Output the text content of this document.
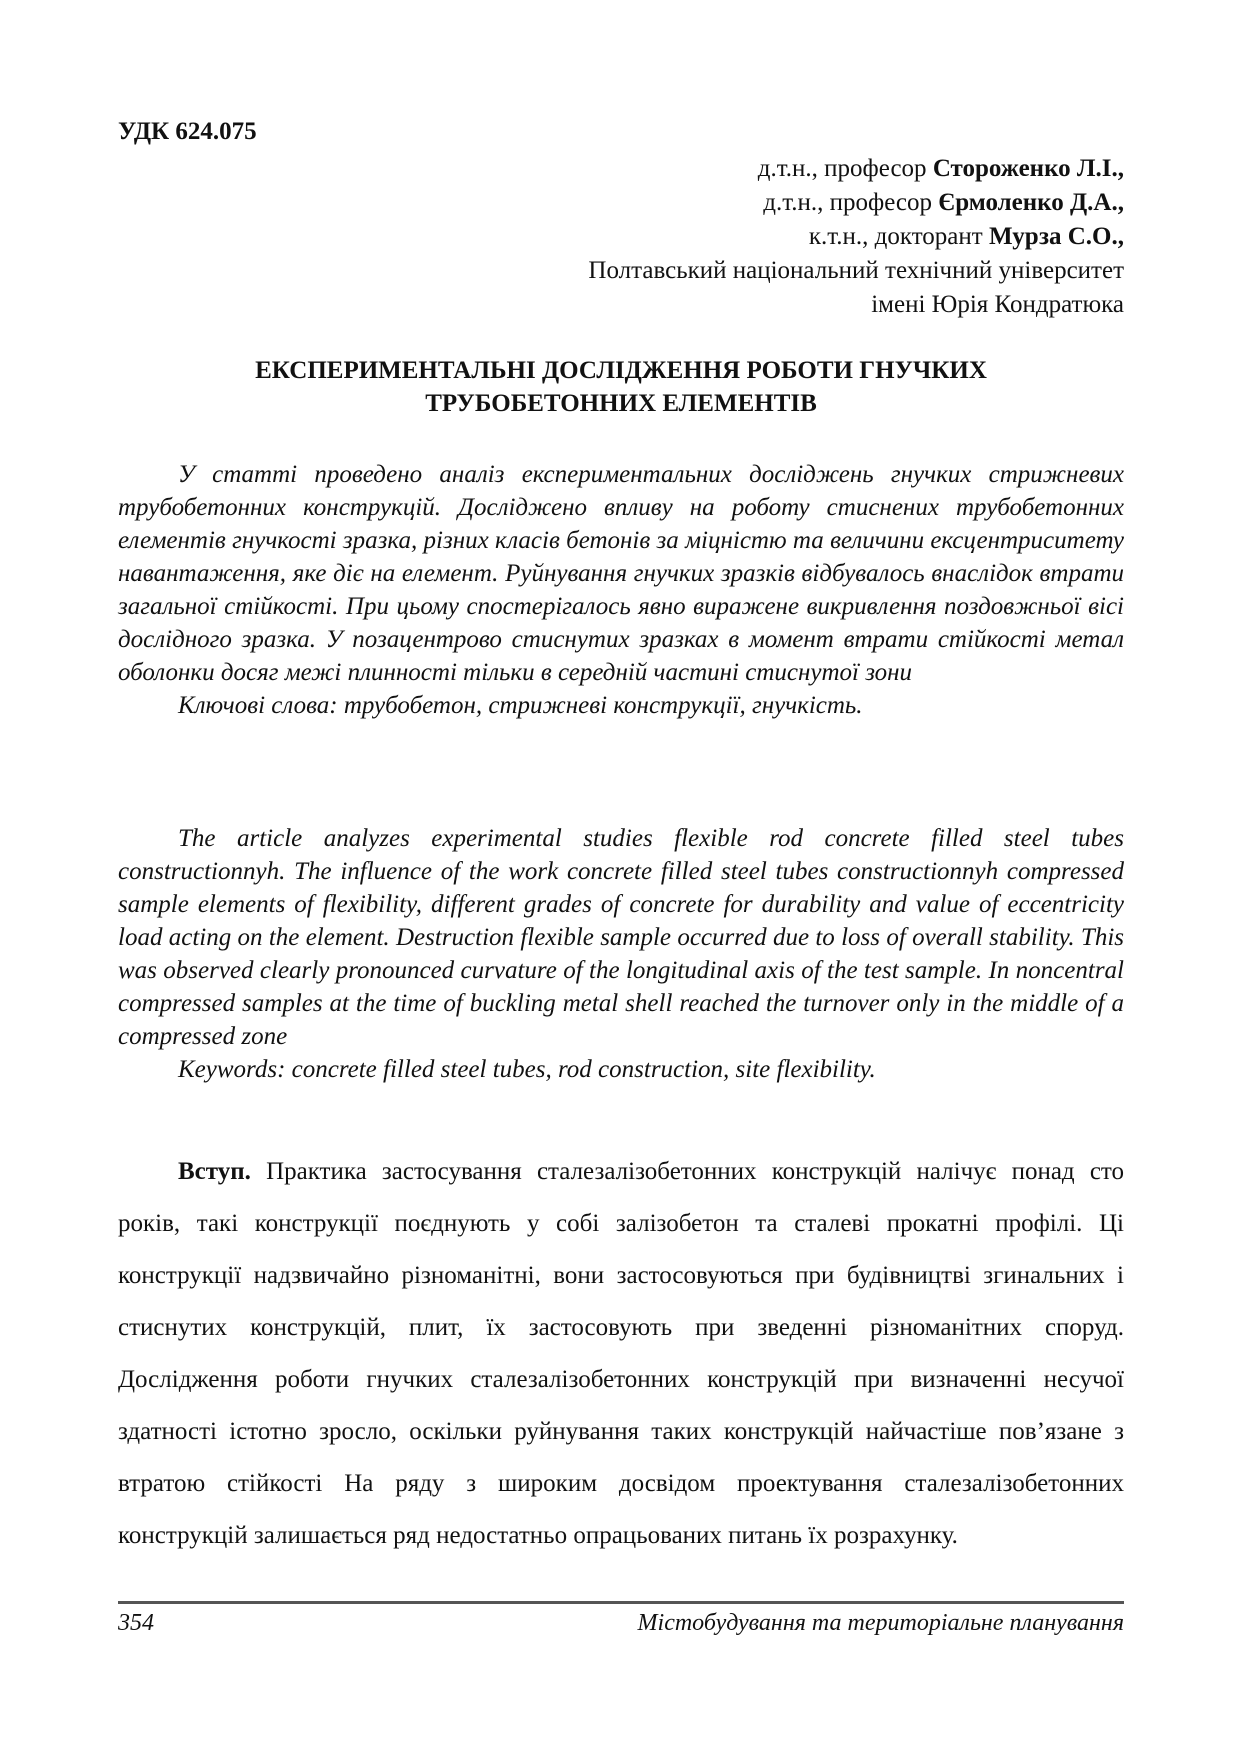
УДК 624.075
д.т.н., професор Стороженко Л.І.,
д.т.н., професор Єрмоленко Д.А.,
к.т.н., докторант Мурза С.О.,
Полтавський національний технічний університет
імені Юрія Кондратюка
ЕКСПЕРИМЕНТАЛЬНІ ДОСЛІДЖЕННЯ РОБОТИ ГНУЧКИХ
ТРУБОБЕТОННИХ ЕЛЕМЕНТІВ

У статті проведено аналіз експериментальних досліджень гнучких стрижневих трубобетонних конструкцій. Досліджено впливу на роботу стиснених трубобетонних елементів гнучкості зразка, різних класів бетонів за міцністю та величини ексцентриситету навантаження, яке діє на елемент. Руйнування гнучких зразків відбувалось внаслідок втрати загальної стійкості. При цьому спостерігалось явно виражене викривлення поздовжньої вісі дослідного зразка. У позацентрово стиснутих зразках в момент втрати стійкості метал оболонки досяг межі плинності тільки в середній частині стиснутої зони

Ключові слова: трубобетон, стрижневі конструкції, гнучкість.

The article analyzes experimental studies flexible rod concrete filled steel tubes constructionnyh. The influence of the work concrete filled steel tubes constructionnyh compressed sample elements of flexibility, different grades of concrete for durability and value of eccentricity load acting on the element. Destruction flexible sample occurred due to loss of overall stability. This was observed clearly pronounced curvature of the longitudinal axis of the test sample. In noncentral compressed samples at the time of buckling metal shell reached the turnover only in the middle of a compressed zone

Keywords: concrete filled steel tubes, rod construction, site flexibility.

Вступ. Практика застосування сталезалізобетонних конструкцій налічує понад сто років, такі конструкції поєднують у собі залізобетон та сталеві прокатні профілі. Ці конструкції надзвичайно різноманітні, вони застосовуються при будівництві згинальних і стиснутих конструкцій, плит, їх застосовують при зведенні різноманітних споруд. Дослідження роботи гнучких сталезалізобетонних конструкцій при визначенні несучої здатності істотно зросло, оскільки руйнування таких конструкцій найчастіше пов’язане з втратою стійкості На ряду з широким досвідом проектування сталезалізобетонних конструкцій залишається ряд недостатньо опрацьованих питань їх розрахунку.

354	Містобудування та територіальне планування
